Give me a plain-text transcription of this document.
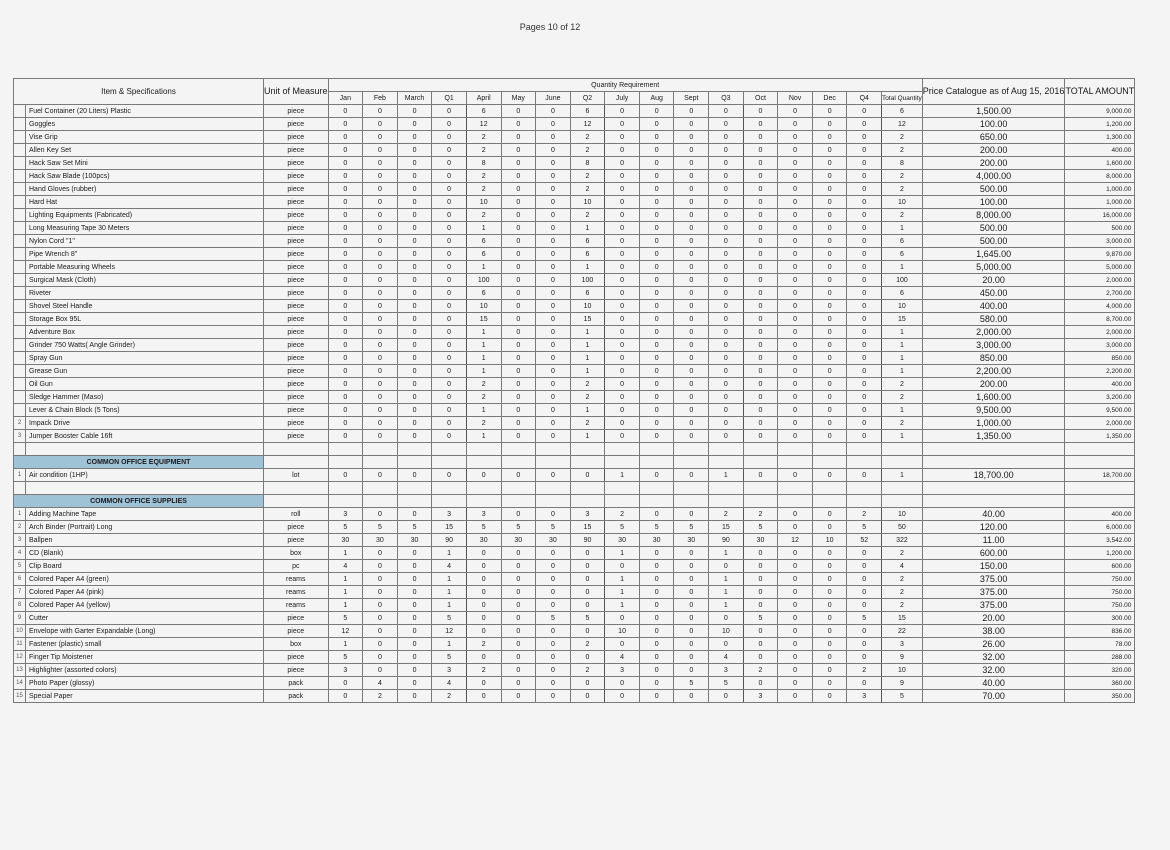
Pages 10 of 12
Item & Specifications		Unit of Measure	Quantity Requirement																	Price Catalogue as of Aug 15, 2016	TOTAL AMOUNT
			Jan	Feb	March	Q1	April	May	June	Q2	July	Aug	Sept	Q3	Oct	Nov	Dec	Q4	Total Quantity		
	Fuel Container (20 Liters) Plastic	piece	0	0	0	0	6	0	0	6	0	0	0	0	0	0	0	0	6	1,500.00	9,000.00
	Goggles	piece	0	0	0	0	12	0	0	12	0	0	0	0	0	0	0	0	12	100.00	1,200.00
	Vise Grip	piece	0	0	0	0	2	0	0	2	0	0	0	0	0	0	0	0	2	650.00	1,300.00
	Allen Key Set	piece	0	0	0	0	2	0	0	2	0	0	0	0	0	0	0	0	2	200.00	400.00
	Hack Saw Set Mini	piece	0	0	0	0	8	0	0	8	0	0	0	0	0	0	0	0	8	200.00	1,600.00
	Hack Saw Blade (100pcs)	piece	0	0	0	0	2	0	0	2	0	0	0	0	0	0	0	0	2	4,000.00	8,000.00
	Hand Gloves (rubber)	piece	0	0	0	0	2	0	0	2	0	0	0	0	0	0	0	0	2	500.00	1,000.00
	Hard Hat	piece	0	0	0	0	10	0	0	10	0	0	0	0	0	0	0	0	10	100.00	1,000.00
	Lighting Equipments (Fabricated)	piece	0	0	0	0	2	0	0	2	0	0	0	0	0	0	0	0	2	8,000.00	16,000.00
	Long Measuring Tape 30 Meters	piece	0	0	0	0	1	0	0	1	0	0	0	0	0	0	0	0	1	500.00	500.00
	Nylon Cord "1"	piece	0	0	0	0	6	0	0	6	0	0	0	0	0	0	0	0	6	500.00	3,000.00
	Pipe Wrench 8"	piece	0	0	0	0	6	0	0	6	0	0	0	0	0	0	0	0	6	1,645.00	9,870.00
	Portable Measuring Wheels	piece	0	0	0	0	1	0	0	1	0	0	0	0	0	0	0	0	1	5,000.00	5,000.00
	Surgical Mask (Cloth)	piece	0	0	0	0	100	0	0	100	0	0	0	0	0	0	0	0	100	20.00	2,000.00
	Riveter	piece	0	0	0	0	6	0	0	6	0	0	0	0	0	0	0	0	6	450.00	2,700.00
	Shovel Steel Handle	piece	0	0	0	0	10	0	0	10	0	0	0	0	0	0	0	0	10	400.00	4,000.00
	Storage Box 95L	piece	0	0	0	0	15	0	0	15	0	0	0	0	0	0	0	0	15	580.00	8,700.00
	Adventure Box	piece	0	0	0	0	1	0	0	1	0	0	0	0	0	0	0	0	1	2,000.00	2,000.00
	Grinder 750 Watts( Angle Grinder)	piece	0	0	0	0	1	0	0	1	0	0	0	0	0	0	0	0	1	3,000.00	3,000.00
	Spray Gun	piece	0	0	0	0	1	0	0	1	0	0	0	0	0	0	0	0	1	850.00	850.00
	Grease Gun	piece	0	0	0	0	1	0	0	1	0	0	0	0	0	0	0	0	1	2,200.00	2,200.00
	Oil Gun	piece	0	0	0	0	2	0	0	2	0	0	0	0	0	0	0	0	2	200.00	400.00
	Sledge Hammer (Maso)	piece	0	0	0	0	2	0	0	2	0	0	0	0	0	0	0	0	2	1,600.00	3,200.00
	Lever & Chain Block (5 Tons)	piece	0	0	0	0	1	0	0	1	0	0	0	0	0	0	0	0	1	9,500.00	9,500.00
2	Impack Drive	piece	0	0	0	0	2	0	0	2	0	0	0	0	0	0	0	0	2	1,000.00	2,000.00
3	Jumper Booster Cable 16ft	piece	0	0	0	0	1	0	0	1	0	0	0	0	0	0	0	0	1	1,350.00	1,350.00

COMMON OFFICE EQUIPMENT																					
1	Air condition (1HP)	lot	0	0	0	0	0	0	0	0	1	0	0	1	0	0	0	0	1	18,700.00	18,700.00

COMMON OFFICE SUPPLIES																					
1	Adding Machine Tape	roll	3	0	0	3	3	0	0	3	2	0	0	2	2	0	0	2	10	40.00	400.00
2	Arch Binder (Portrait) Long	piece	5	5	5	15	5	5	5	15	5	5	5	15	5	0	0	5	50	120.00	6,000.00
3	Ballpen	piece	30	30	30	90	30	30	30	90	30	30	30	90	30	12	10	52	322	11.00	3,542.00
4	CD (Blank)	box	1	0	0	1	0	0	0	0	1	0	0	1	0	0	0	0	2	600.00	1,200.00
5	Clip Board	pc	4	0	0	4	0	0	0	0	0	0	0	0	0	0	0	0	4	150.00	600.00
6	Colored Paper A4 (green)	reams	1	0	0	1	0	0	0	0	1	0	0	1	0	0	0	0	2	375.00	750.00
7	Colored Paper A4 (pink)	reams	1	0	0	1	0	0	0	0	1	0	0	1	0	0	0	0	2	375.00	750.00
8	Colored Paper A4 (yellow)	reams	1	0	0	1	0	0	0	0	1	0	0	1	0	0	0	0	2	375.00	750.00
9	Cutter	piece	5	0	0	5	0	0	5	5	0	0	0	0	5	0	0	5	15	20.00	300.00
10	Envelope with Garter Expandable (Long)	piece	12	0	0	12	0	0	0	0	10	0	0	10	0	0	0	0	22	38.00	836.00
11	Fastener (plastic) small	box	1	0	0	1	2	0	0	2	0	0	0	0	0	0	0	0	3	26.00	78.00
12	Finger Tip Moistener	piece	5	0	0	5	0	0	0	0	4	0	0	4	0	0	0	0	9	32.00	288.00
13	Highlighter (assorted colors)	piece	3	0	0	3	2	0	0	2	3	0	0	3	2	0	0	2	10	32.00	320.00
14	Photo Paper (glossy)	pack	0	4	0	4	0	0	0	0	0	0	5	5	0	0	0	0	9	40.00	360.00
15	Special Paper	pack	0	2	0	2	0	0	0	0	0	0	0	0	3	0	0	3	5	70.00	350.00
